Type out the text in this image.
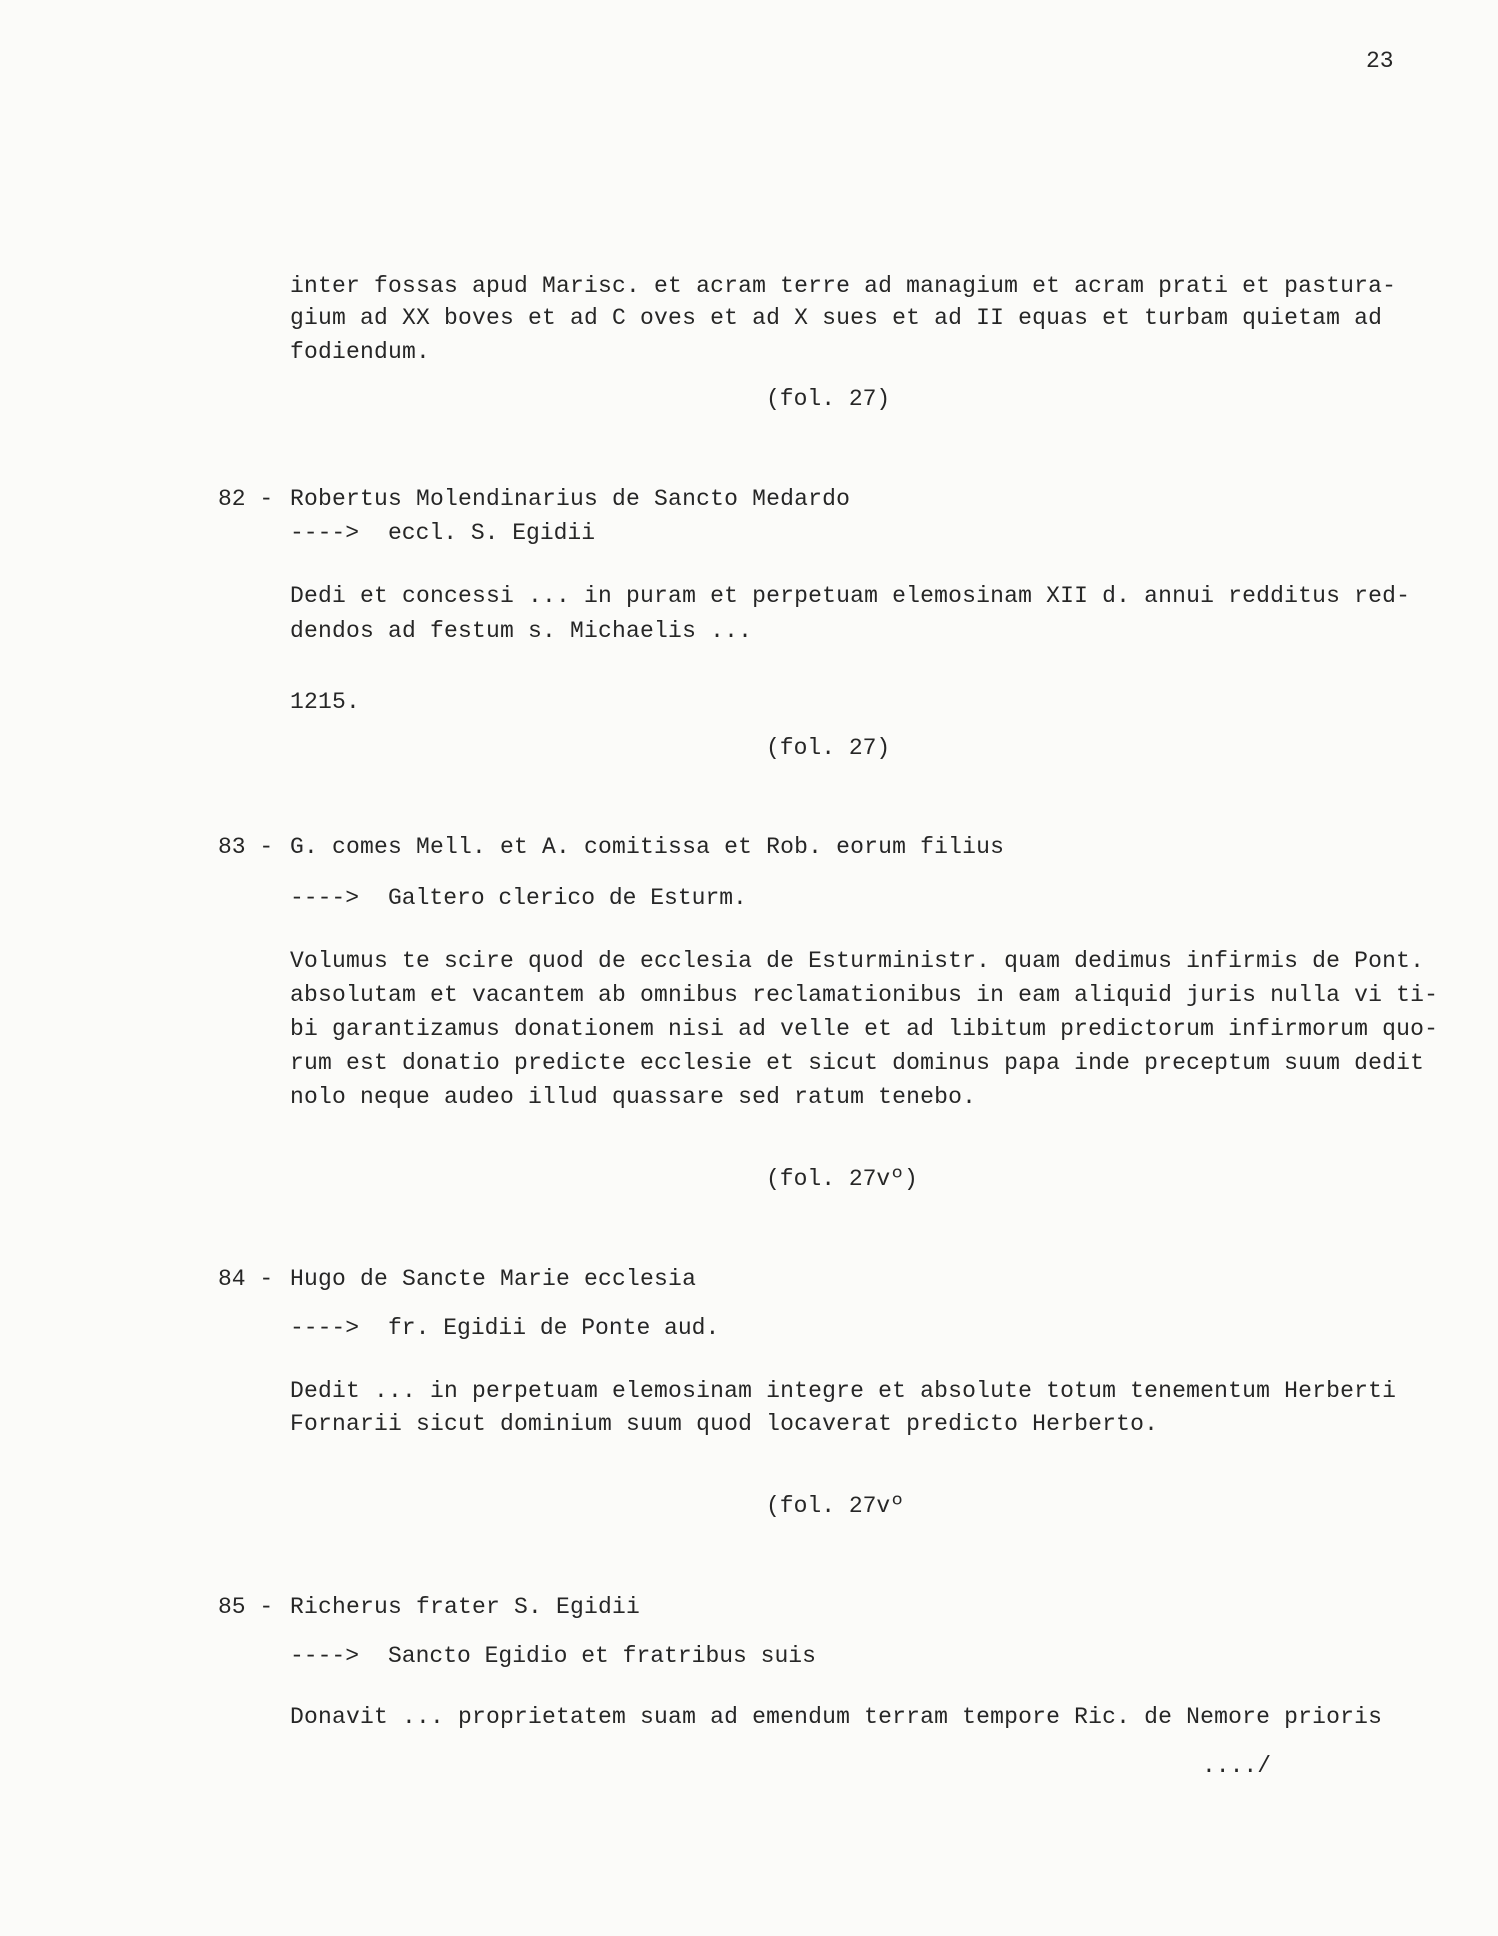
23
inter fossas apud Marisc. et acram terre ad managium et acram prati et pastura-
gium ad XX boves et ad C oves et ad X sues et ad II equas et turbam quietam ad
fodiendum.
(fol. 27)
82 - Robertus Molendinarius de Sancto Medardo
----> eccl. S. Egidii
Dedi et concessi ... in puram et perpetuam elemosinam XII d. annui redditus red-
dendos ad festum s. Michaelis ...
1215.
(fol. 27)
83 - G. comes Mell. et A. comitissa et Rob. eorum filius
----> Galtero clerico de Esturm.
Volumus te scire quod de ecclesia de Esturministr. quam dedimus infirmis de Pont.
absolutam et vacantem ab omnibus reclamationibus in eam aliquid juris nulla vi ti-
bi garantizamus donationem nisi ad velle et ad libitum predictorum infirmorum quo-
rum est donatio predicte ecclesie et sicut dominus papa inde preceptum suum dedit
nolo neque audeo illud quassare sed ratum tenebo.
(fol. 27vº)
84 - Hugo de Sancte Marie ecclesia
----> fr. Egidii de Ponte aud.
Dedit ... in perpetuam elemosinam integre et absolute totum tenementum Herberti
Fornarii sicut dominium suum quod locaverat predicto Herberto.
(fol. 27vº
85 - Richerus frater S. Egidii
----> Sancto Egidio et fratribus suis
Donavit ... proprietatem suam ad emendum terram tempore Ric. de Nemore prioris
..../
